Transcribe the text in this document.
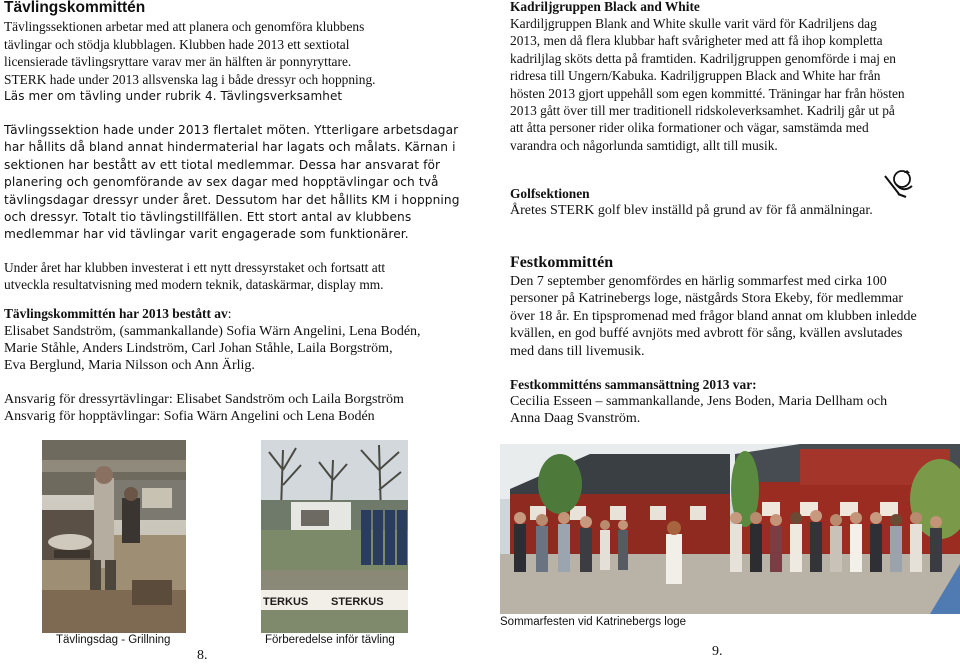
Tävlingskommittén

Tävlingssektionen arbetar med att planera och genomföra klubbens

tävlingar och stödja klubblagen. Klubben hade 2013 ett sextiotal

licensierade tävlingsryttare varav mer än hälften är ponnyryttare.

STERK hade under 2013 allsvenska lag i både dressyr och hoppning.

Läs mer om tävling under rubrik 4. Tävlingsverksamhet

Tävlingssektion hade under 2013 flertalet möten. Ytterligare arbetsdagar
har hållits då bland annat hindermaterial har lagats och målats. Kärnan i
sektionen har bestått av ett tiotal medlemmar. Dessa har ansvarat för
planering och genomförande av sex dagar med hopptävlingar och två
tävlingsdagar dressyr under året. Dessutom har det hållits KM i hoppning
och dressyr. Totalt tio tävlingstillfällen. Ett stort antal av klubbens
medlemmar har vid tävlingar varit engagerade som funktionärer.
Under året har klubben investerat i ett nytt dressyrstaket och fortsatt att
utveckla resultatvisning med modern teknik, dataskärmar, display mm.

Tävlingskommittén har 2013 bestått av:

Elisabet Sandström, (sammankallande) Sofia Wärn Angelini, Lena Bodén,
Marie Ståhle, Anders Lindström, Carl Johan Ståhle, Laila Borgström,
Eva Berglund, Maria Nilsson och Ann Ärlig.
Ansvarig för dressyrtävlingar: Elisabet Sandström och Laila Borgström
Ansvarig för hopptävlingar: Sofia Wärn Angelini och Lena Bodén

Tävlingsdag - Grillning

TERKUS STERKUS

Förberedelse inför tävling

8.

Kadriljgruppen Black and White

Kardiljgruppen Blank and White skulle varit värd för Kadriljens dag
2013, men då flera klubbar haft svårigheter med att få ihop kompletta
kadriljlag sköts detta på framtiden. Kadriljgruppen genomförde i maj en
ridresa till Ungern/Kabuka. Kadriljgruppen Black and White har från
hösten 2013 gjort uppehåll som egen kommitté. Träningar har från hösten
2013 gått över till mer traditionell ridskoleverksamhet. Kadrilj går ut på
att åtta personer rider olika formationer och vägar, samstämda med
varandra och någorlunda samtidigt, allt till musik.

Golfsektionen

Åretes STERK golf blev inställd på grund av för få anmälningar.

Festkommittén

Den 7 september genomfördes en härlig sommarfest med cirka 100
personer på Katrinebergs loge, nästgårds Stora Ekeby, för medlemmar
över 18 år. En tipspromenad med frågor bland annat om klubben inledde
kvällen, en god buffé avnjöts med avbrott för sång, kvällen avslutades
med dans till livemusik.

Festkommitténs sammansättning 2013 var:

Cecilia Esseen – sammankallande, Jens Boden, Maria Dellham och
Anna Daag Svanström.

Sommarfesten vid Katrinebergs loge

9.
